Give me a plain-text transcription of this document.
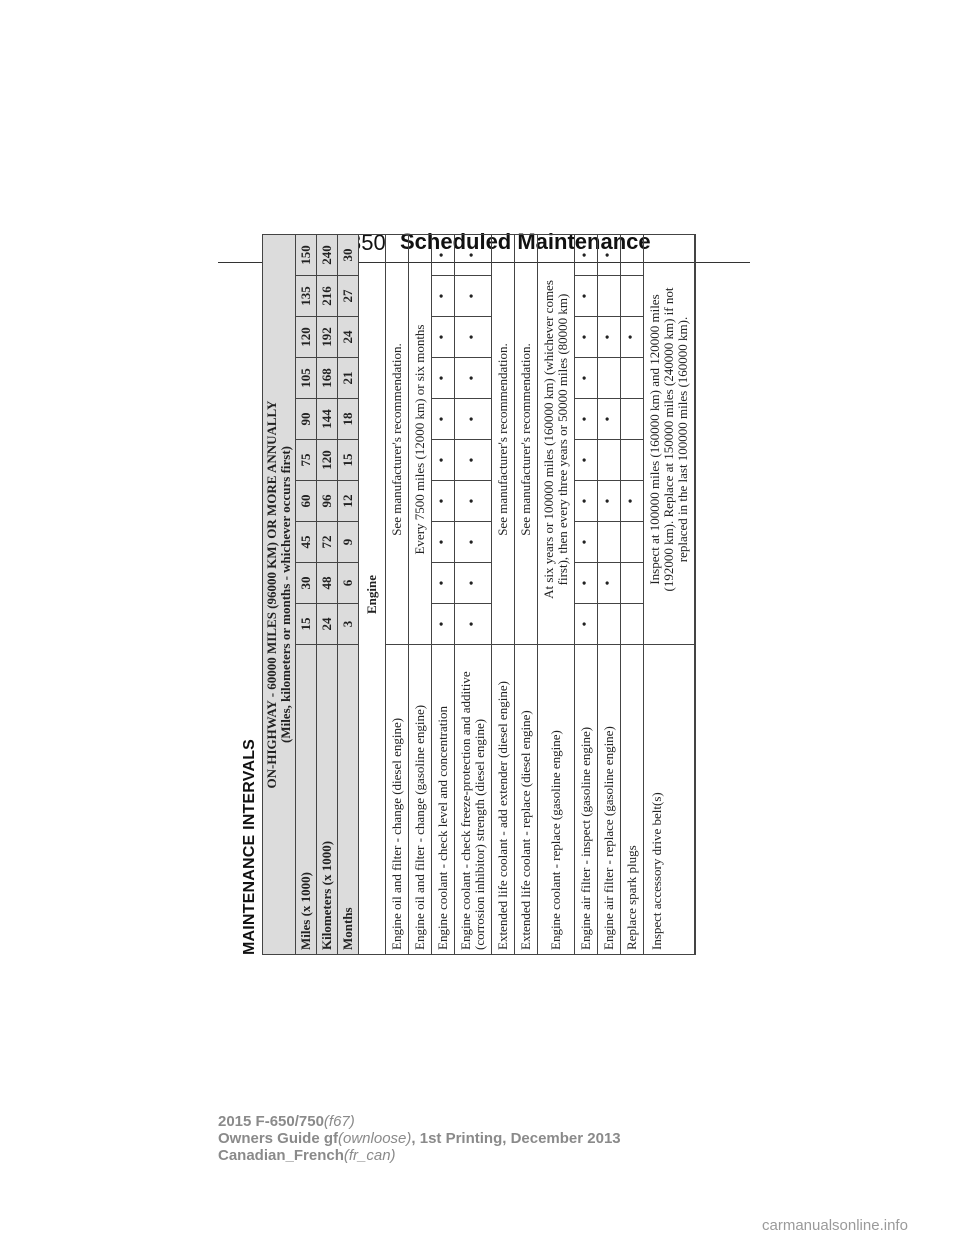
350 Scheduled Maintenance
MAINTENANCE INTERVALS
ON-HIGHWAY - 60000 MILES (96000 KM) OR MORE ANNUALLY
(Miles, kilometers or months - whichever occurs first)										
Miles (x 1000)	15	30	45	60	75	90	105	120	135	150
Kilometers (x 1000)	24	48	72	96	120	144	168	192	216	240
Months	3	6	9	12	15	18	21	24	27	30
Engine										
Engine oil and filter - change (diesel engine)	See manufacturer's recommendation.									
Engine oil and filter - change (gasoline engine)	Every 7500 miles (12000 km) or six months									
Engine coolant - check level and concentration	•	•	•	•	•	•	•	•	•	•
Engine coolant - check freeze-protection and additive
(corrosion inhibitor) strength (diesel engine)	•	•	•	•	•	•	•	•	•	•
Extended life coolant - add extender (diesel engine)	See manufacturer's recommendation.									
Extended life coolant - replace (diesel engine)	See manufacturer's recommendation.									
Engine coolant - replace (gasoline engine)	At six years or 100000 miles (160000 km) (whichever comes
first), then every three years or 50000 miles (80000 km)									
Engine air filter - inspect (gasoline engine)	•	•	•	•	•	•	•	•	•	•
Engine air filter - replace (gasoline engine)		•		•		•		•		•
Replace spark plugs				•				•		
Inspect accessory drive belt(s)	Inspect at 100000 miles (160000 km) and 120000 miles
(192000 km). Replace at 150000 miles (240000 km) if not
replaced in the last 100000 miles (160000 km).									

2015 F-650/750(f67)
Owners Guide gf(ownloose), 1st Printing, December 2013
Canadian_French(fr_can)
carmanualsonline.info
